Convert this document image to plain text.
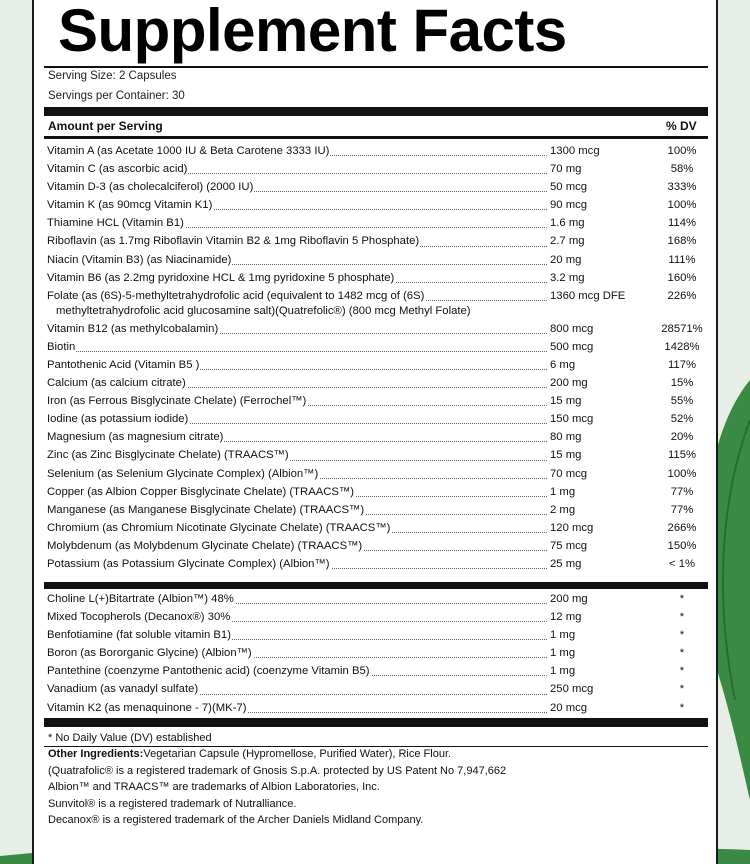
Supplement Facts
Serving Size: 2 Capsules
Servings per Container: 30
Amount per Serving	% DV
Vitamin A (as Acetate 1000 IU & Beta Carotene 3333 IU)	1300 mcg	100%
Vitamin C (as ascorbic acid)	70 mg	58%
Vitamin D-3 (as cholecalciferol) (2000 IU)	50 mcg	333%
Vitamin K (as 90mcg Vitamin K1)	90 mcg	100%
Thiamine HCL (Vitamin B1)	1.6 mg	114%
Riboflavin (as 1.7mg Riboflavin Vitamin B2 & 1mg Riboflavin 5 Phosphate)	2.7 mg	168%
Niacin (Vitamin B3) (as Niacinamide)	20 mg	111%
Vitamin B6 (as 2.2mg pyridoxine HCL & 1mg pyridoxine 5 phosphate)	3.2 mg	160%
Folate (as (6S)-5-methyltetrahydrofolic acid (equivalent to 1482 mcg of (6S)
methyltetrahydrofolic acid glucosamine salt)(Quatrefolic®) (800 mcg Methyl Folate)
1360 mcg DFE	226%
Vitamin B12 (as methylcobalamin)	800 mcg	28571%
Biotin	500 mcg	1428%
Pantothenic Acid (Vitamin B5 )	6 mg	117%
Calcium (as calcium citrate)	200 mg	15%
Iron (as Ferrous Bisglycinate Chelate) (Ferrochel™)	15 mg	55%
Iodine (as potassium iodide)	150 mcg	52%
Magnesium (as magnesium citrate)	80 mg	20%
Zinc (as Zinc Bisglycinate Chelate) (TRAACS™)	15 mg	115%
Selenium (as Selenium Glycinate Complex) (Albion™)	70 mcg	100%
Copper (as Albion Copper Bisglycinate Chelate) (TRAACS™)	1 mg	77%
Manganese (as Manganese Bisglycinate Chelate) (TRAACS™)	2 mg	77%
Chromium (as Chromium Nicotinate Glycinate Chelate) (TRAACS™)	120 mcg	266%
Molybdenum (as Molybdenum Glycinate Chelate) (TRAACS™)	75 mcg	150%
Potassium (as Potassium Glycinate Complex) (Albion™)	25 mg	< 1%
Choline L(+)Bitartrate (Albion™) 48%	200 mg	*
Mixed Tocopherols (Decanox®) 30%	12 mg	*
Benfotiamine (fat soluble vitamin B1)	1 mg	*
Boron (as Bororganic Glycine) (Albion™)	1 mg	*
Pantethine (coenzyme Pantothenic acid) (coenzyme Vitamin B5)	1 mg	*
Vanadium (as vanadyl sulfate)	250 mcg	*
Vitamin K2 (as menaquinone - 7)(MK-7)	20 mcg	*
* No Daily Value (DV) established
Other Ingredients:Vegetarian Capsule (Hypromellose, Purified Water), Rice Flour.
(Quatrafolic® is a registered trademark of Gnosis S.p.A. protected by US Patent No 7,947,662
Albion™ and TRAACS™ are trademarks of Albion Laboratories, Inc.
Sunvitol® is a registered trademark of Nutralliance.
Decanox® is a registered trademark of the Archer Daniels Midland Company.
